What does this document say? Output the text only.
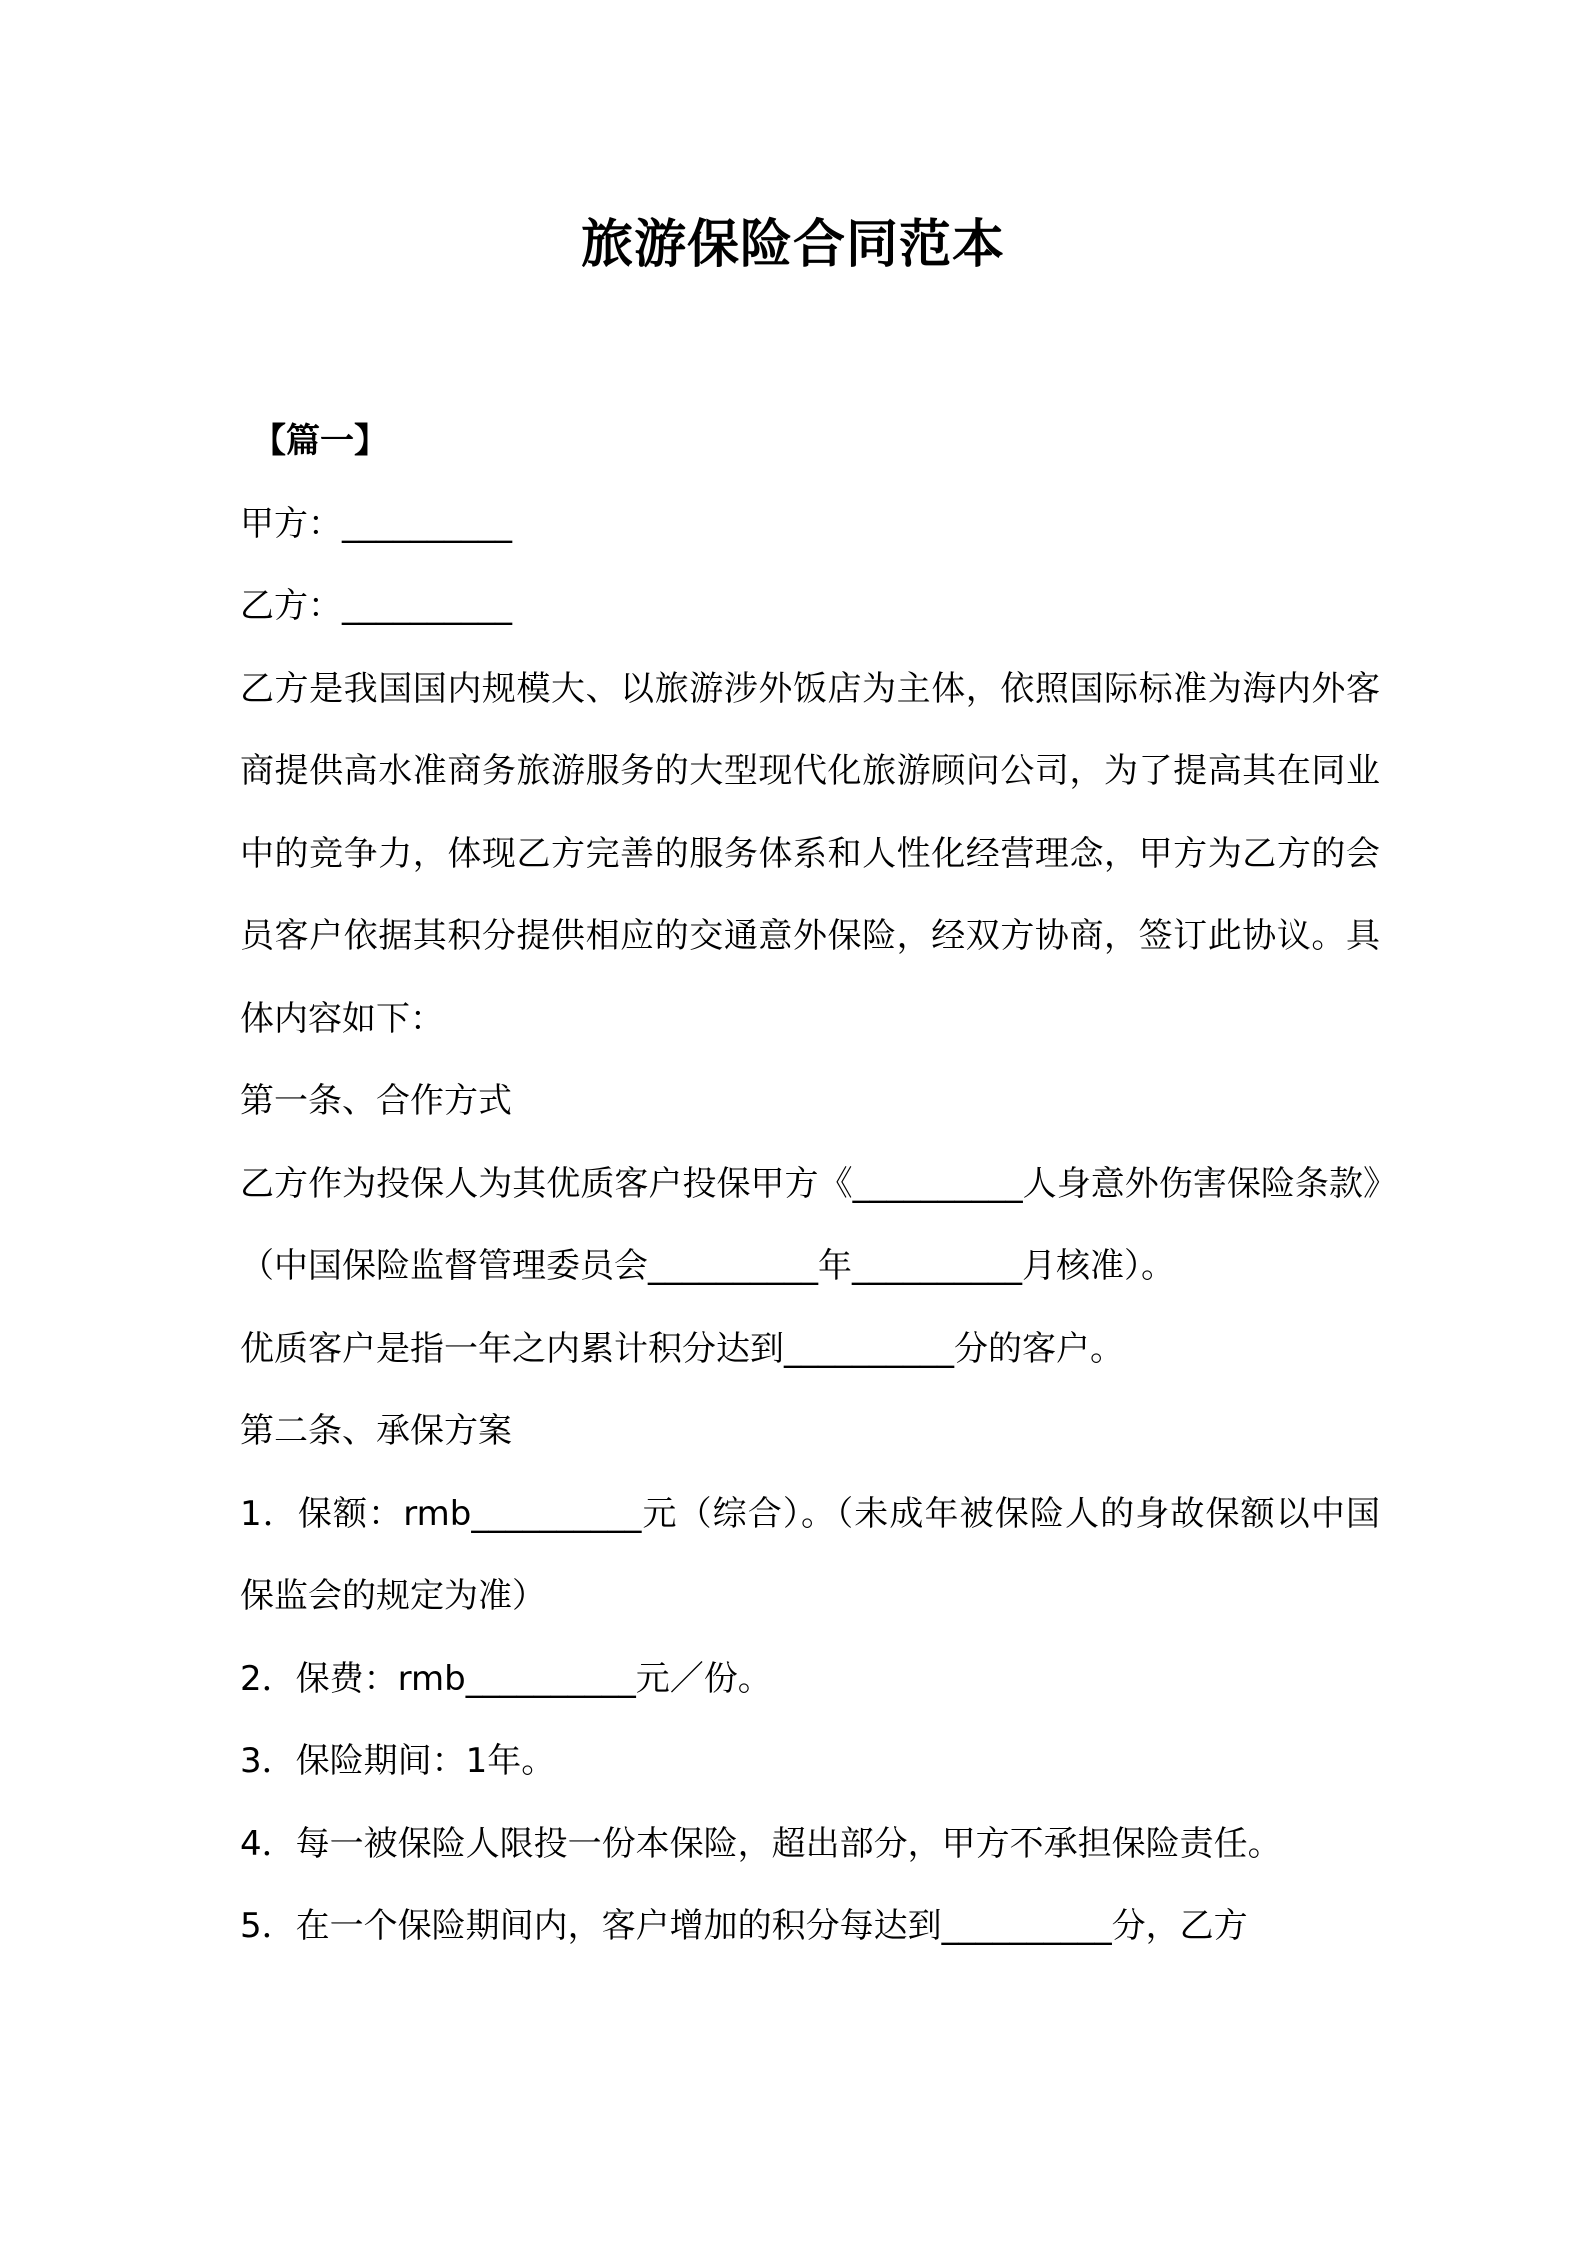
旅游保险合同范本

【篇一】

甲方：__________

乙方：__________

乙方是我国国内规模大、以旅游涉外饭店为主体，依照国际标准为海内外客商提供高水准商务旅游服务的大型现代化旅游顾问公司，为了提高其在同业中的竞争力，体现乙方完善的服务体系和人性化经营理念，甲方为乙方的会员客户依据其积分提供相应的交通意外保险，经双方协商，签订此协议。具体内容如下：

第一条、合作方式

乙方作为投保人为其优质客户投保甲方《__________人身意外伤害保险条款》（中国保险监督管理委员会__________年__________月核准）。

优质客户是指一年之内累计积分达到__________分的客户。

第二条、承保方案

1．保额：rmb__________元（综合）。（未成年被保险人的身故保额以中国保监会的规定为准）

2．保费：rmb__________元／份。

3．保险期间：1年。

4．每一被保险人限投一份本保险，超出部分，甲方不承担保险责任。

5．在一个保险期间内，客户增加的积分每达到__________分，乙方
